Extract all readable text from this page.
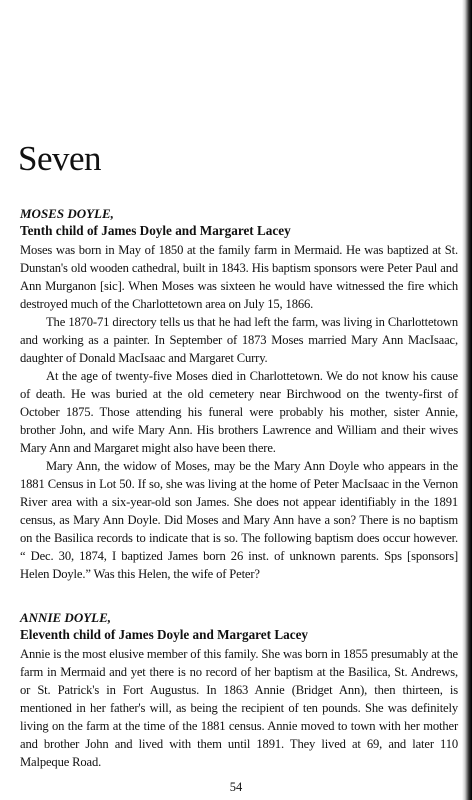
Seven

MOSES DOYLE,

Tenth child of James Doyle and Margaret Lacey

Moses was born in May of 1850 at the family farm in Mermaid. He was baptized at St. Dunstan's old wooden cathedral, built in 1843. His baptism sponsors were Peter Paul and Ann Murganon [sic]. When Moses was sixteen he would have witnessed the fire which destroyed much of the Charlottetown area on July 15, 1866.

The 1870-71 directory tells us that he had left the farm, was living in Charlottetown and working as a painter. In September of 1873 Moses married Mary Ann MacIsaac, daughter of Donald MacIsaac and Margaret Curry.

At the age of twenty-five Moses died in Charlottetown. We do not know his cause of death. He was buried at the old cemetery near Birchwood on the twenty-first of October 1875. Those attending his funeral were probably his mother, sister Annie, brother John, and wife Mary Ann. His brothers Lawrence and William and their wives Mary Ann and Margaret might also have been there.

Mary Ann, the widow of Moses, may be the Mary Ann Doyle who appears in the 1881 Census in Lot 50. If so, she was living at the home of Peter MacIsaac in the Vernon River area with a six-year-old son James. She does not appear identifiably in the 1891 census, as Mary Ann Doyle. Did Moses and Mary Ann have a son? There is no baptism on the Basilica records to indicate that is so. The following baptism does occur however. “ Dec. 30, 1874, I baptized James born 26 inst. of unknown parents. Sps [sponsors] Helen Doyle.” Was this Helen, the wife of Peter?

ANNIE DOYLE,

Eleventh child of James Doyle and Margaret Lacey

Annie is the most elusive member of this family. She was born in 1855 presumably at the farm in Mermaid and yet there is no record of her baptism at the Basilica, St. Andrews, or St. Patrick's in Fort Augustus. In 1863 Annie (Bridget Ann), then thirteen, is mentioned in her father's will, as being the recipient of ten pounds. She was definitely living on the farm at the time of the 1881 census. Annie moved to town with her mother and brother John and lived with them until 1891. They lived at 69, and later 110 Malpeque Road.

54
